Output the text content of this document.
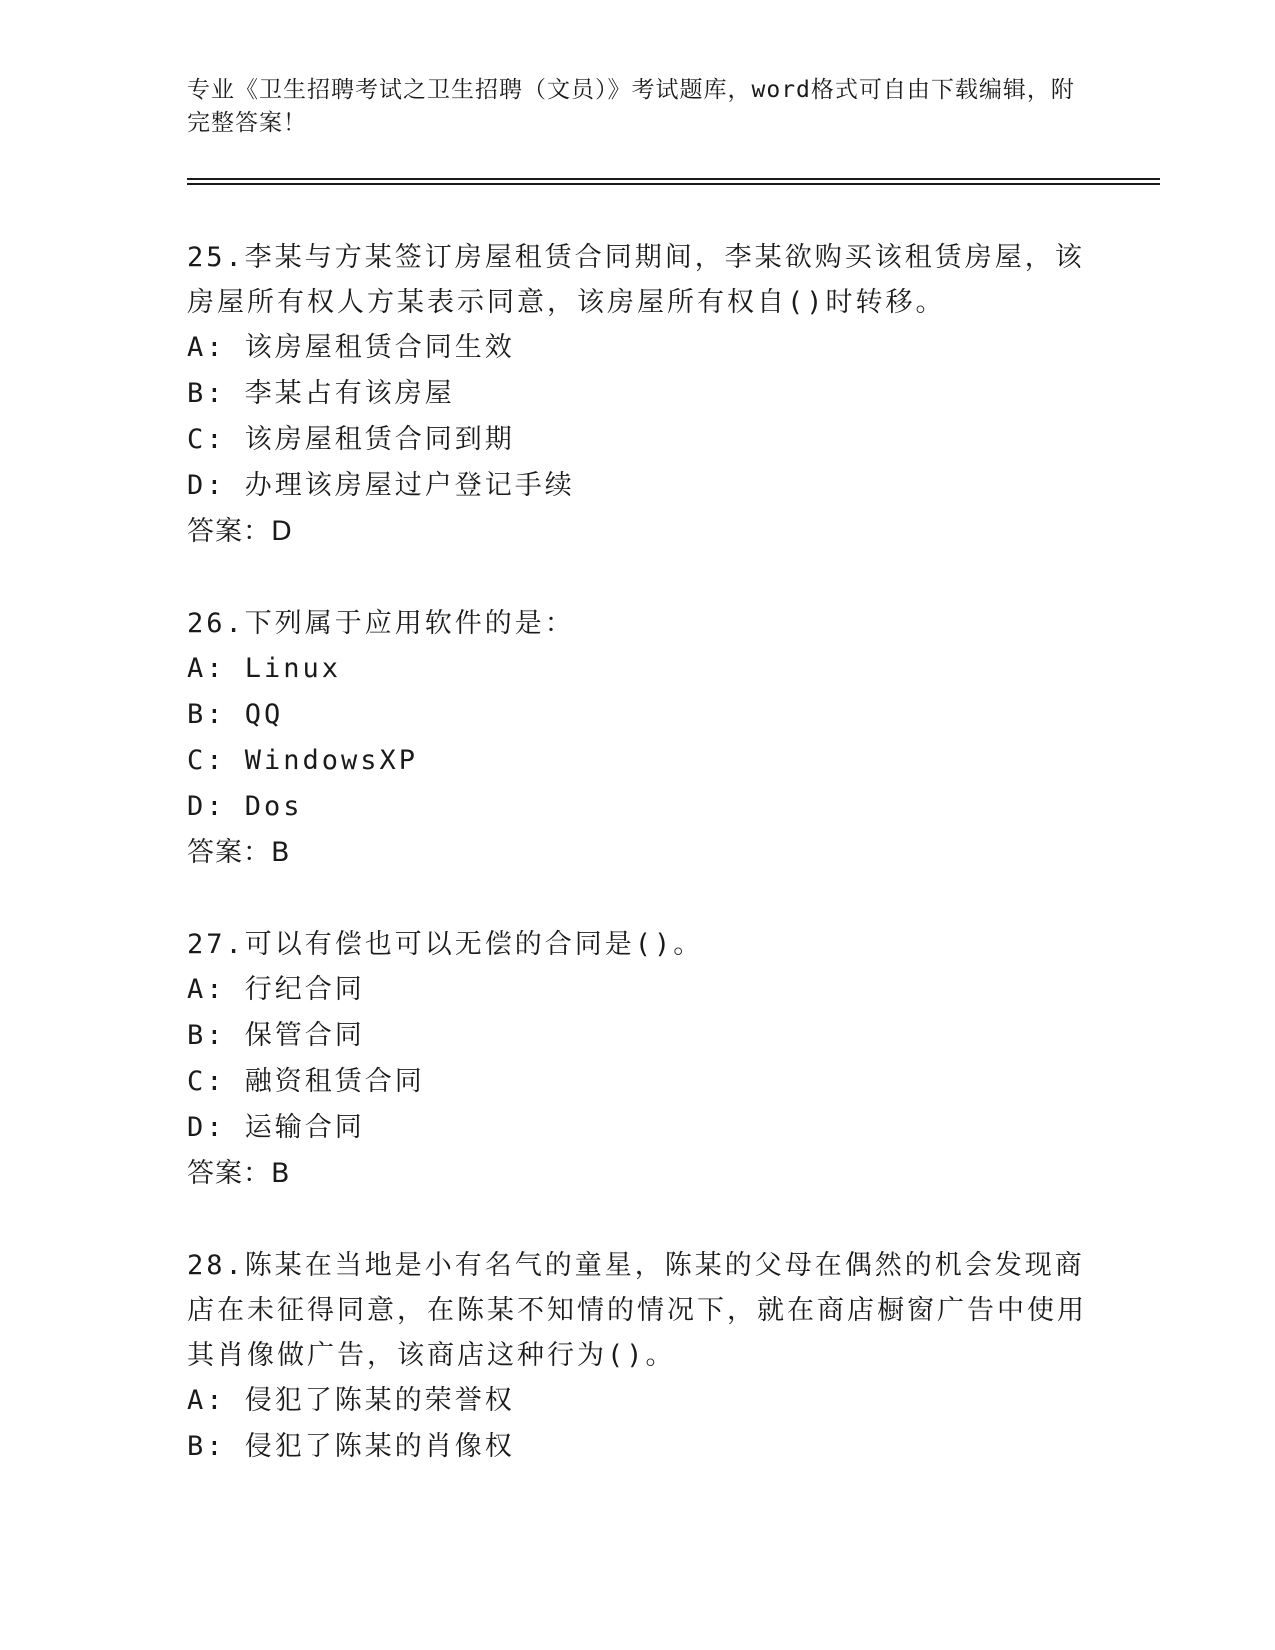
专业《卫生招聘考试之卫生招聘（文员）》考试题库，word格式可自由下载编辑，附完整答案！
25.李某与方某签订房屋租赁合同期间，李某欲购买该租赁房屋，该房屋所有权人方某表示同意，该房屋所有权自()时转移。
A: 该房屋租赁合同生效
B: 李某占有该房屋
C: 该房屋租赁合同到期
D: 办理该房屋过户登记手续
答案：D
26.下列属于应用软件的是：
A: Linux
B: QQ
C: WindowsXP
D: Dos
答案：B
27.可以有偿也可以无偿的合同是()。
A: 行纪合同
B: 保管合同
C: 融资租赁合同
D: 运输合同
答案：B
28.陈某在当地是小有名气的童星，陈某的父母在偶然的机会发现商店在未征得同意，在陈某不知情的情况下，就在商店橱窗广告中使用其肖像做广告，该商店这种行为()。
A: 侵犯了陈某的荣誉权
B: 侵犯了陈某的肖像权
